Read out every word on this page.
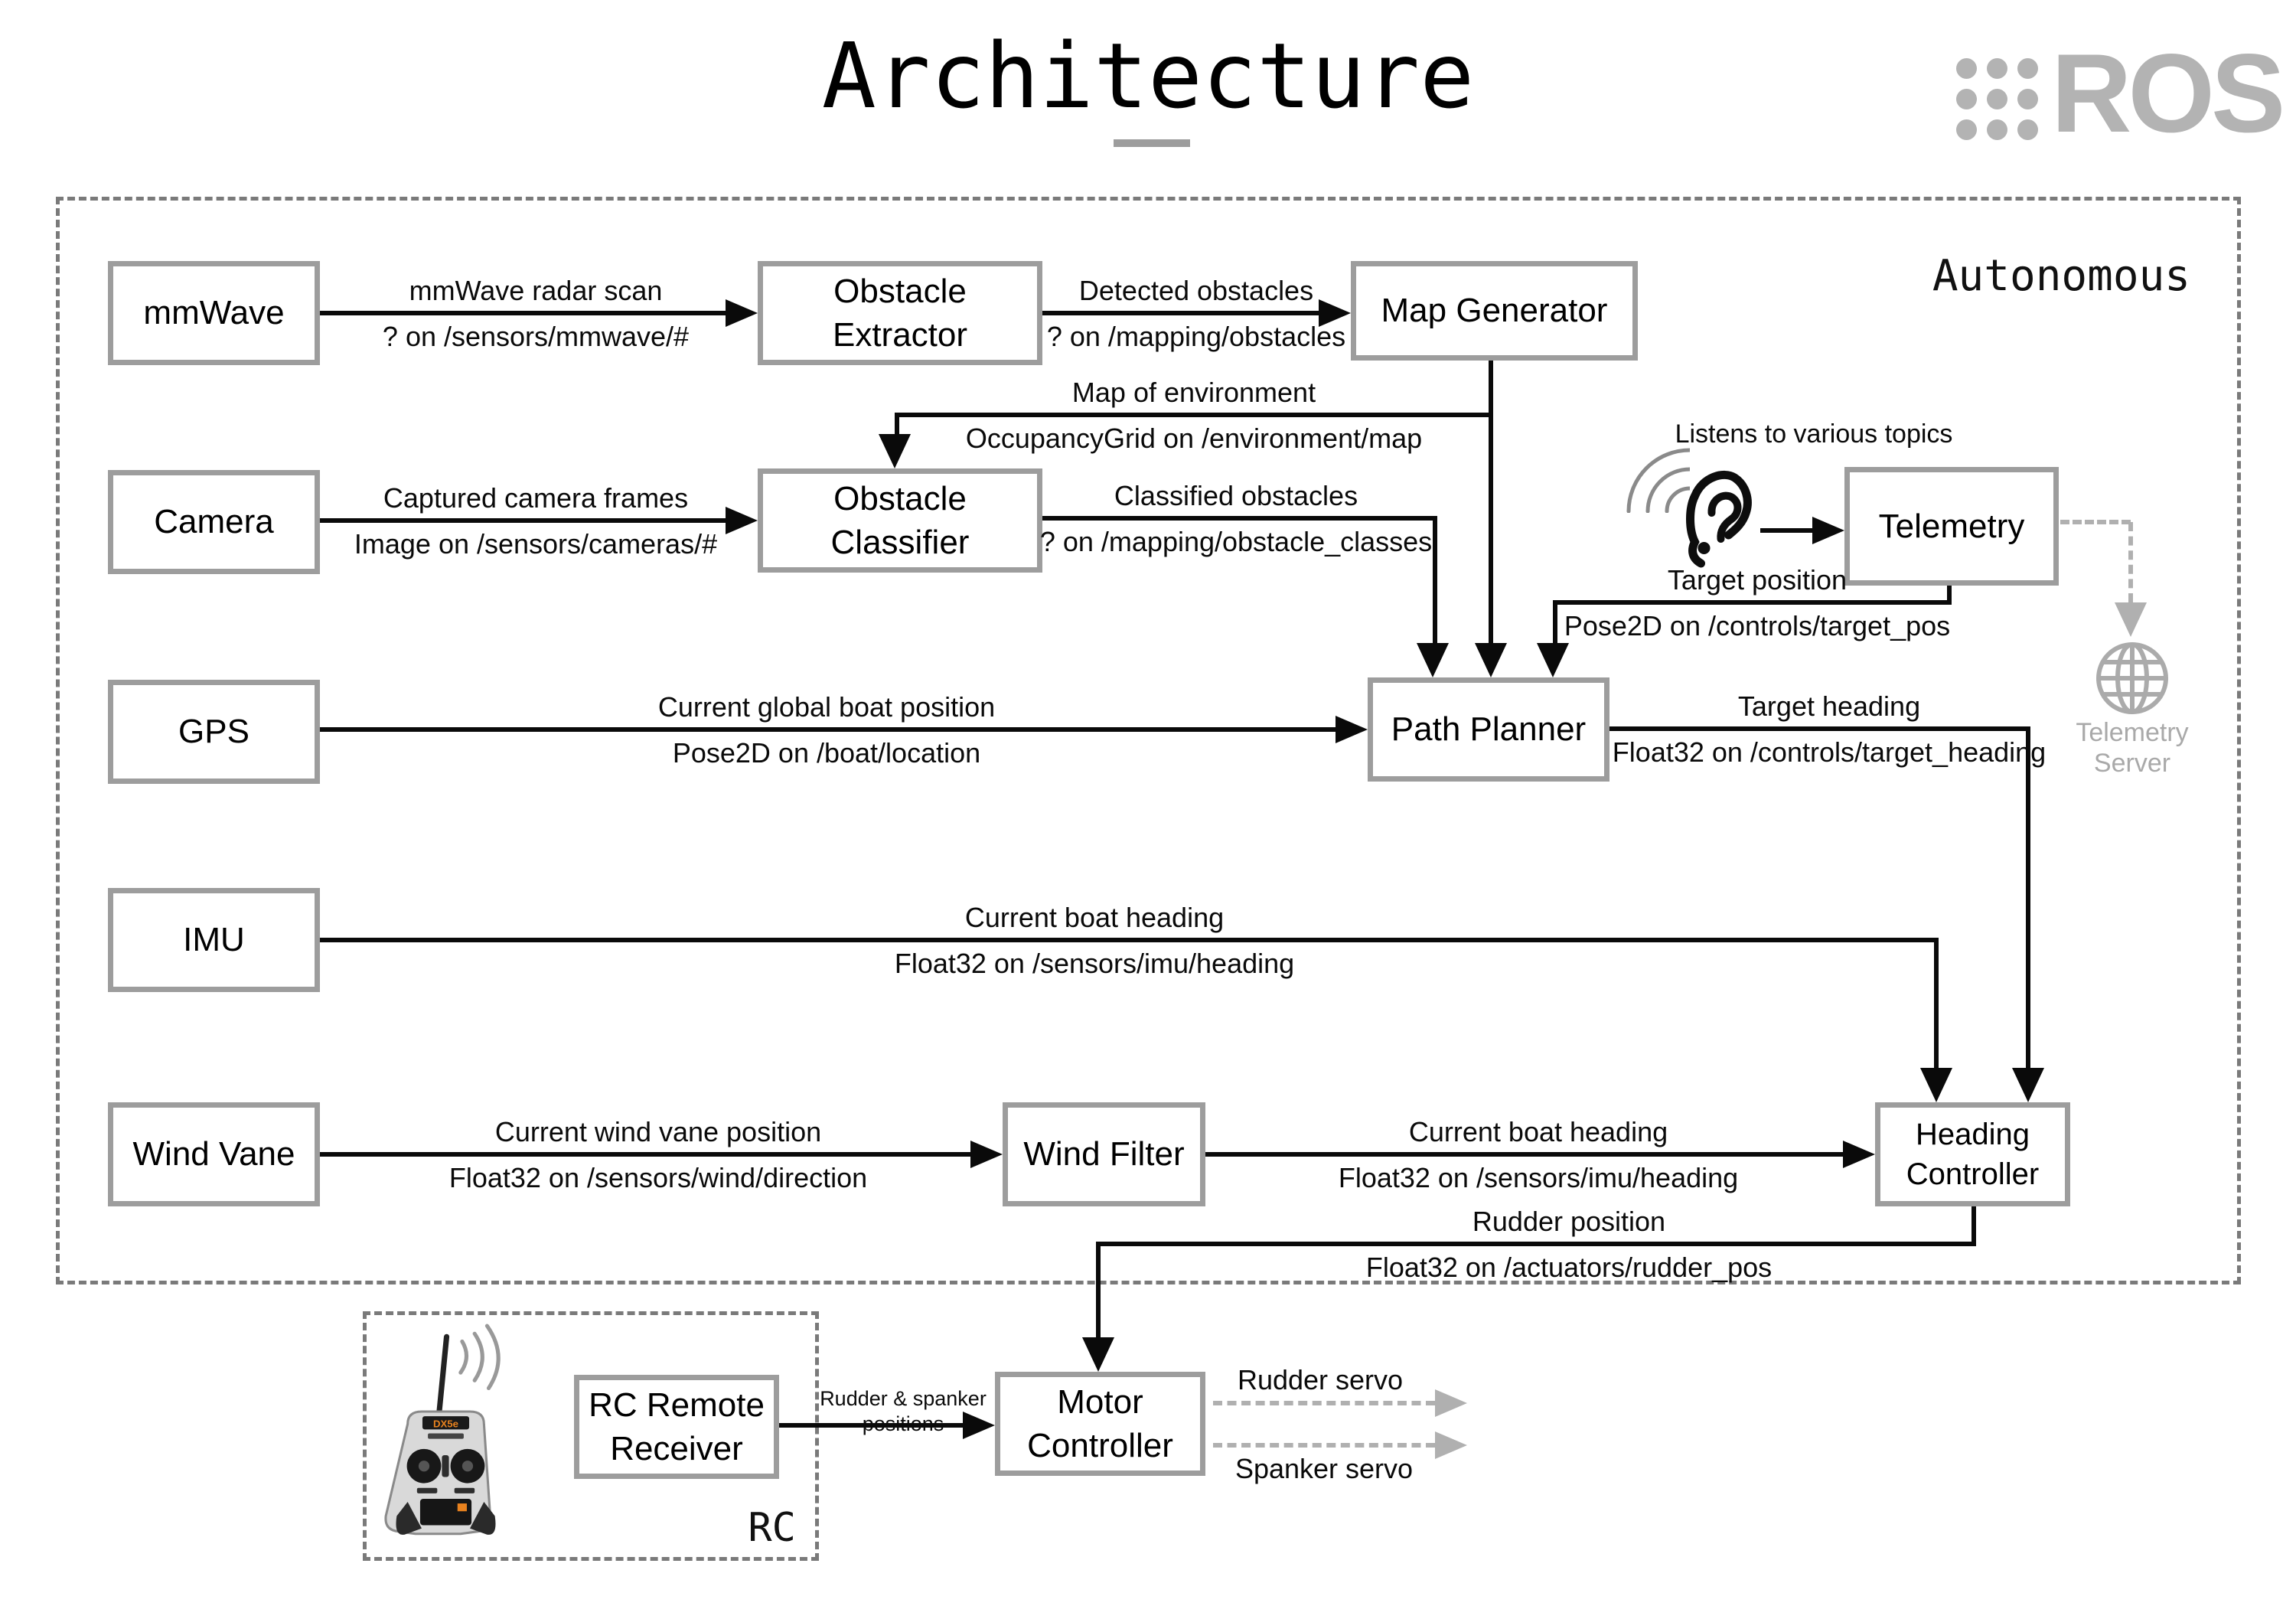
Architecture	ROS
Autonomous
RC
mmWave radar scan
? on /sensors/mmwave/#
Detected obstacles
? on /mapping/obstacles
Map of environment
OccupancyGrid on /environment/map
Captured camera frames
Image on /sensors/cameras/#
Classified obstacles
? on /mapping/obstacle_classes
Listens to various topics
Target position
Pose2D on /controls/target_pos
Current global boat position
Pose2D on /boat/location
Target heading
Float32 on /controls/target_heading
Current boat heading
Float32 on /sensors/imu/heading
Current wind vane position
Float32 on /sensors/wind/direction
Current boat heading
Float32 on /sensors/imu/heading
Rudder position
Float32 on /actuators/rudder_pos
Rudder & spanker
positions
Rudder servo
Spanker servo
Telemetry
Server
mmWave
Obstacle Extractor
Map Generator
Camera
Obstacle Classifier
GPS	Path Planner
IMU
Wind Vane	Wind Filter
Heading Controller
Telemetry
Motor Controller
RC Remote Receiver
DX5e
